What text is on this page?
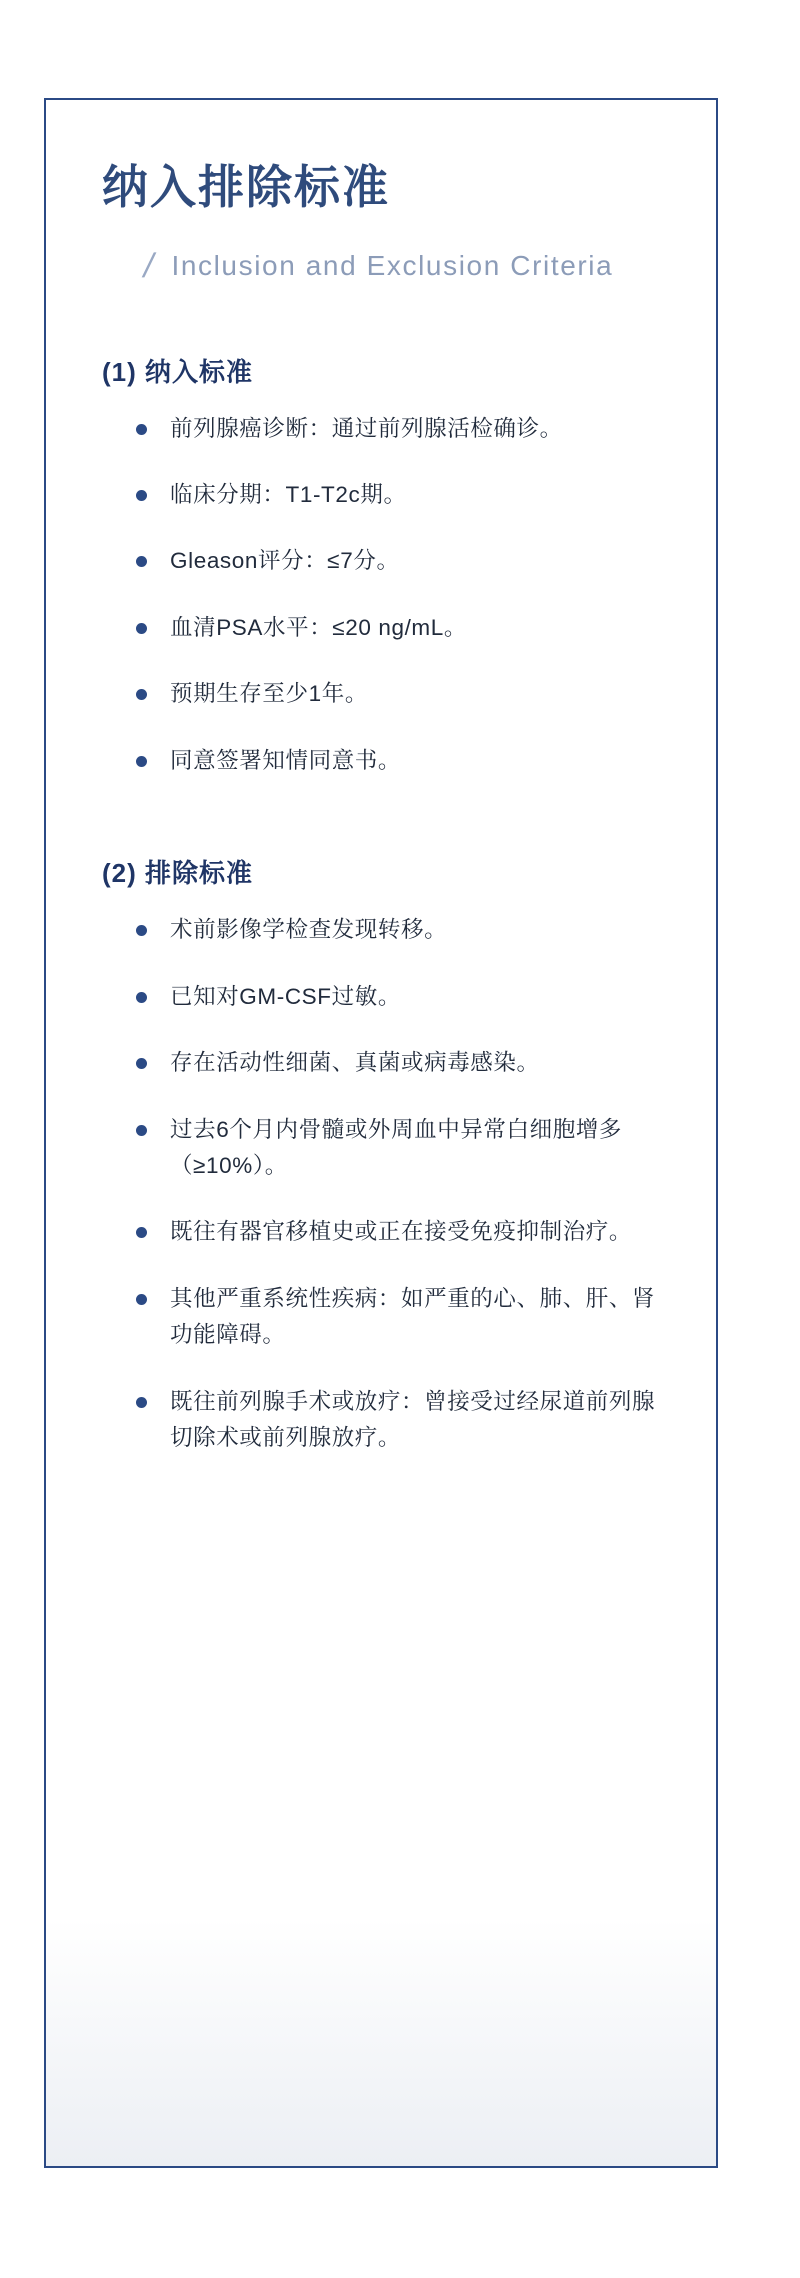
纳入排除标准
/ Inclusion and Exclusion Criteria
(1) 纳入标准
前列腺癌诊断：通过前列腺活检确诊。
临床分期：T1-T2c期。
Gleason评分：≤7分。
血清PSA水平：≤20 ng/mL。
预期生存至少1年。
同意签署知情同意书。
(2) 排除标准
术前影像学检查发现转移。
已知对GM-CSF过敏。
存在活动性细菌、真菌或病毒感染。
过去6个月内骨髓或外周血中异常白细胞增多（≥10%）。
既往有器官移植史或正在接受免疫抑制治疗。
其他严重系统性疾病：如严重的心、肺、肝、肾功能障碍。
既往前列腺手术或放疗：曾接受过经尿道前列腺切除术或前列腺放疗。
